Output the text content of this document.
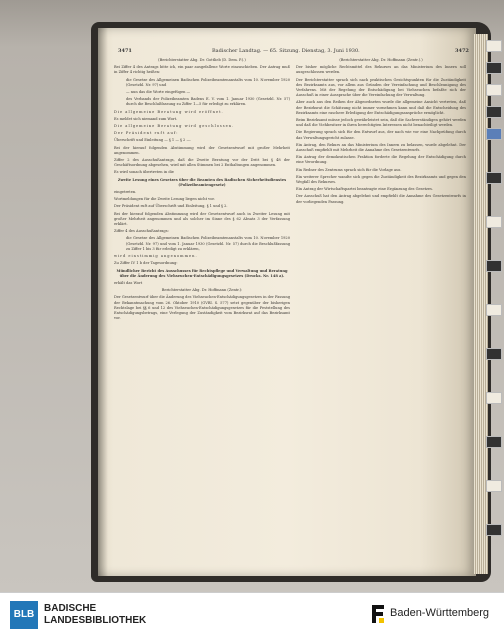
3471	Badischer Landtag. — 65. Sitzung. Dienstag, 3. Juni 1930.	3472

(Berichterstatter Abg. Dr. Gottlieb (D. Dem. P.).)

Bei Ziffer 4 des Antrags bitte ich, ein paar ausgefallene Worte einzuschieben. Der Antrag muß in Ziffer 4 richtig heißen:

die Gesetze des Allgemeinen Badischen Polizeibeamtenanstalts vom 10. November 1920 (Gesetzbl. Nr. 97) und

— nun das die Worte eingefügen —

des Verbands der Polizeibeamten Badens E. V. vom 1. Januar 1930 (Gesetzbl. Nr. 57) durch die Beschlußfassung zu Ziffer 1—5 für erledigt zu erklären.

Die allgemeine Beratung wird eröffnet.

Es meldet sich niemand zum Wort.

Die allgemeine Beratung wird geschlossen.

Der Präsident ruft auf:

Überschrift und Einleitung — § 1 — § 2 —.

Bei der hierauf folgenden Abstimmung wird der Gesetzentwurf mit großer Mehrheit angenommen.

Ziffer 2 des Ausschußantrags, daß die Zweite Beratung vor der Dritt bei § 48 der Geschäftsordnung abgesehen, wird mit allen Stimmen bei 2 Enthaltungen angenommen.

Es wird sonach übertreten in die

Zweite Lesung eines Gesetzes über die Beamten des Badischen Sicherheitsdienstes (Polizeibeamtengesetz)

eingetreten.

Wortmeldungen für die Zweite Lesung liegen nicht vor.

Der Präsident ruft auf Überschrift und Einleitung, § 1 und § 2.

Bei der hierauf folgenden Abstimmung wird der Gesetzentwurf auch in Zweiter Lesung mit großer Mehrheit angenommen und als solcher im Sinne des § 62 Absatz 3 der Verfassung erklärt.

Ziffer 4 des Ausschußantrags:

die Gesetze des Allgemeinen Badischen Polizeibeamtenanstalts vom 10. November 1920 (Gesetzbl. Nr. 97) und vom 1. Januar 1930 (Gesetzbl. Nr. 57) durch die Beschlußfassung zu Ziffer 1 bis 3 für erledigt zu erklären,

wird einstimmig angenommen.

Zu Ziffer IV 1 b der Tagesordnung:

Mündlicher Bericht des Ausschusses für Rechtspflege und Verwaltung und Beratung über die Änderung des Viehseuchen-Entschädigungsgesetzes (Drucks. Nr. 148 a).

erhält das Wort

Berichterstatter Abg. Dr. Hoffmann (Zentr.):

Der Gesetzentwurf über die Änderung des Viehseuchen-Entschädigungsgesetzes in der Fassung der Bekanntmachung vom 26. Oktober 1910 (GVBl. S. 577) setzt gegenüber der bisherigen Rechtslage bei §§ 6 und 12 des Viehseuchen-Entschädigungsgesetzes für die Feststellung des Entschädigungsbetrags, eine Verlegung der Zuständigkeit vom Bezirksrat auf das Bezirksamt vor.

(Berichterstatter Abg. Dr. Hoffmann (Zentr.).)

Der bisher mögliche Rechtsmittel des Rekurses an das Ministerium des Innern soll ausgeschlossen werden.

Der Berichterstatter sprach sich nach praktischen Gesichtspunkten für die Zuständigkeit des Bezirksamts aus, vor allem aus Gründen der Vereinfachung und Beschleunigung des Verfahrens. Mit der Regelung der Entschädigung bei Viehseuchen befaßte sich der Ausschuß in einer Aussprache über die Vereinfachung der Verwaltung.

Aber auch aus den Reihen der Abgeordneten wurde die allgemeine Ansicht vertreten, daß der Bezirksrat die Schätzung nicht immer vornehmen kann und daß die Entscheidung des Bezirksamts eine raschere Erledigung der Entschädigungsansprüche ermöglicht.

Beim Bezirksamt müsse jedoch gewährleistet sein, daß die Sachverständigen gehört werden und daß die Viehbesitzer in ihren berechtigten Interessen nicht benachteiligt werden.

Die Regierung sprach sich für den Entwurf aus, der nach wie vor eine Nachprüfung durch das Verwaltungsgericht zulasse.

Ein Antrag, den Rekurs an das Ministerium des Innern zu belassen, wurde abgelehnt. Der Ausschuß empfiehlt mit Mehrheit die Annahme des Gesetzentwurfs.

Ein Antrag der demokratischen Fraktion forderte die Regelung der Entschädigung durch eine Verordnung.

Ein Redner des Zentrums sprach sich für die Vorlage aus.

Ein weiterer Sprecher wandte sich gegen die Zuständigkeit des Bezirksamts und gegen den Wegfall des Rekurses.

Ein Antrag der Wirtschaftspartei beantragte eine Ergänzung des Gesetzes.

Der Ausschuß hat den Antrag abgelehnt und empfiehlt die Annahme des Gesetzentwurfs in der vorliegenden Fassung.

BLB
BADISCHE
LANDESBIBLIOTHEK
Baden-Württemberg
